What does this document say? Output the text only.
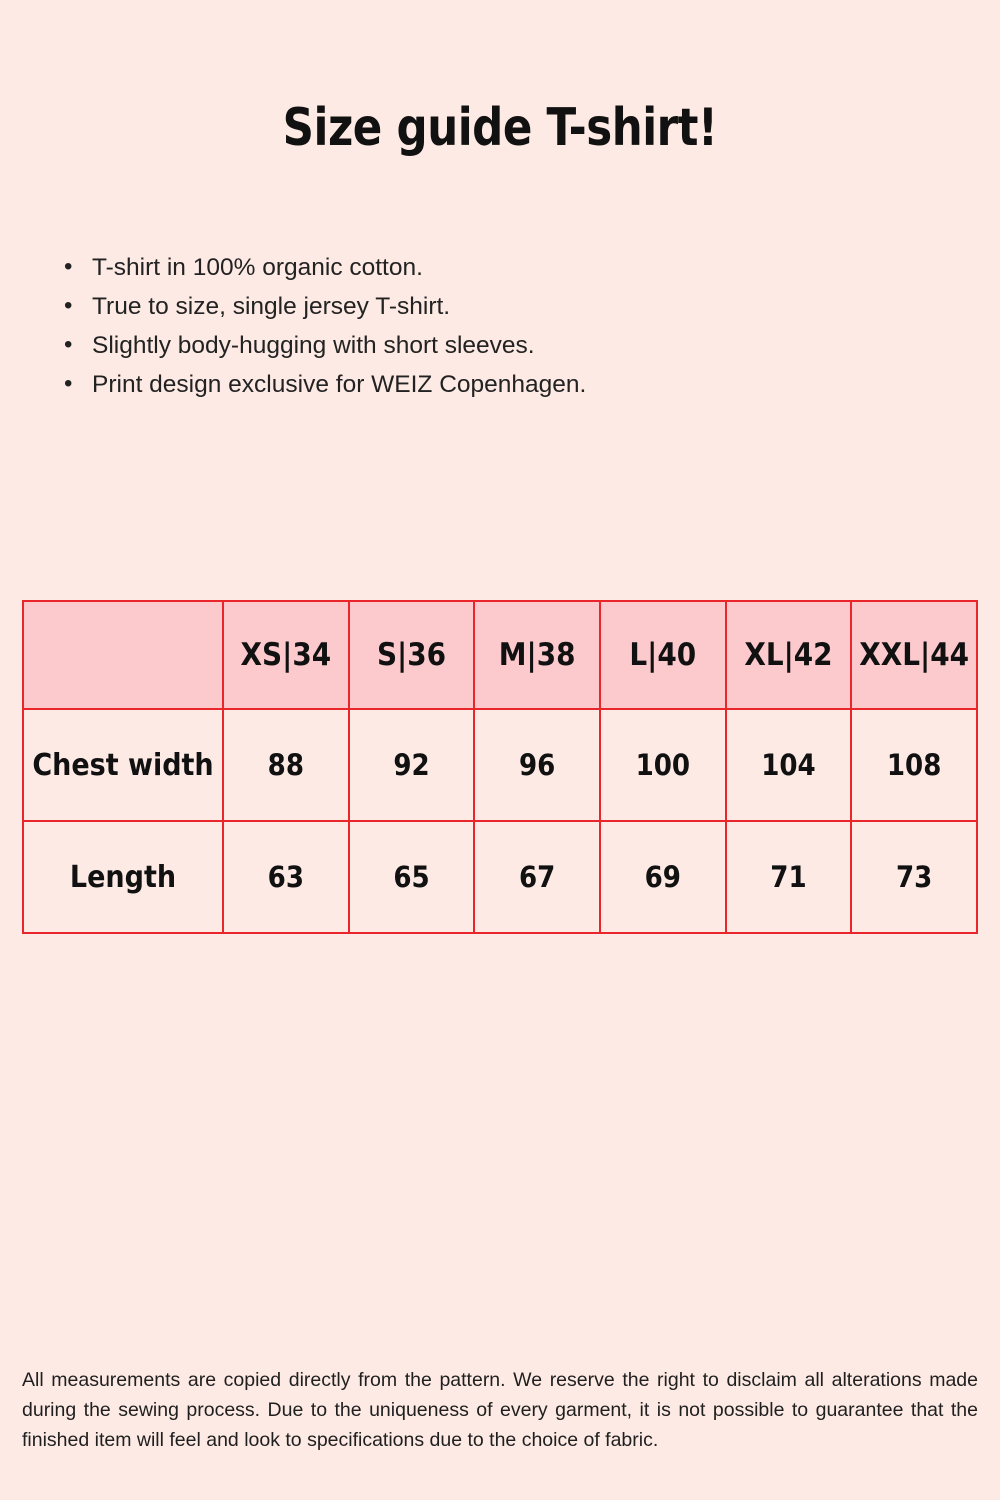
Size guide T-shirt!
• T-shirt in 100% organic cotton.
• True to size, single jersey T-shirt.
• Slightly body-hugging with short sleeves.
• Print design exclusive for WEIZ Copenhagen.
	XS|34	S|36	M|38	L|40	XL|42	XXL|44
Chest width	88	92	96	100	104	108
Length	63	65	67	69	71	73

All measurements are copied directly from the pattern. We reserve the right to disclaim all alterations made during the sewing process. Due to the uniqueness of every garment, it is not possible to guarantee that the finished item will feel and look to specifications due to the choice of fabric.
